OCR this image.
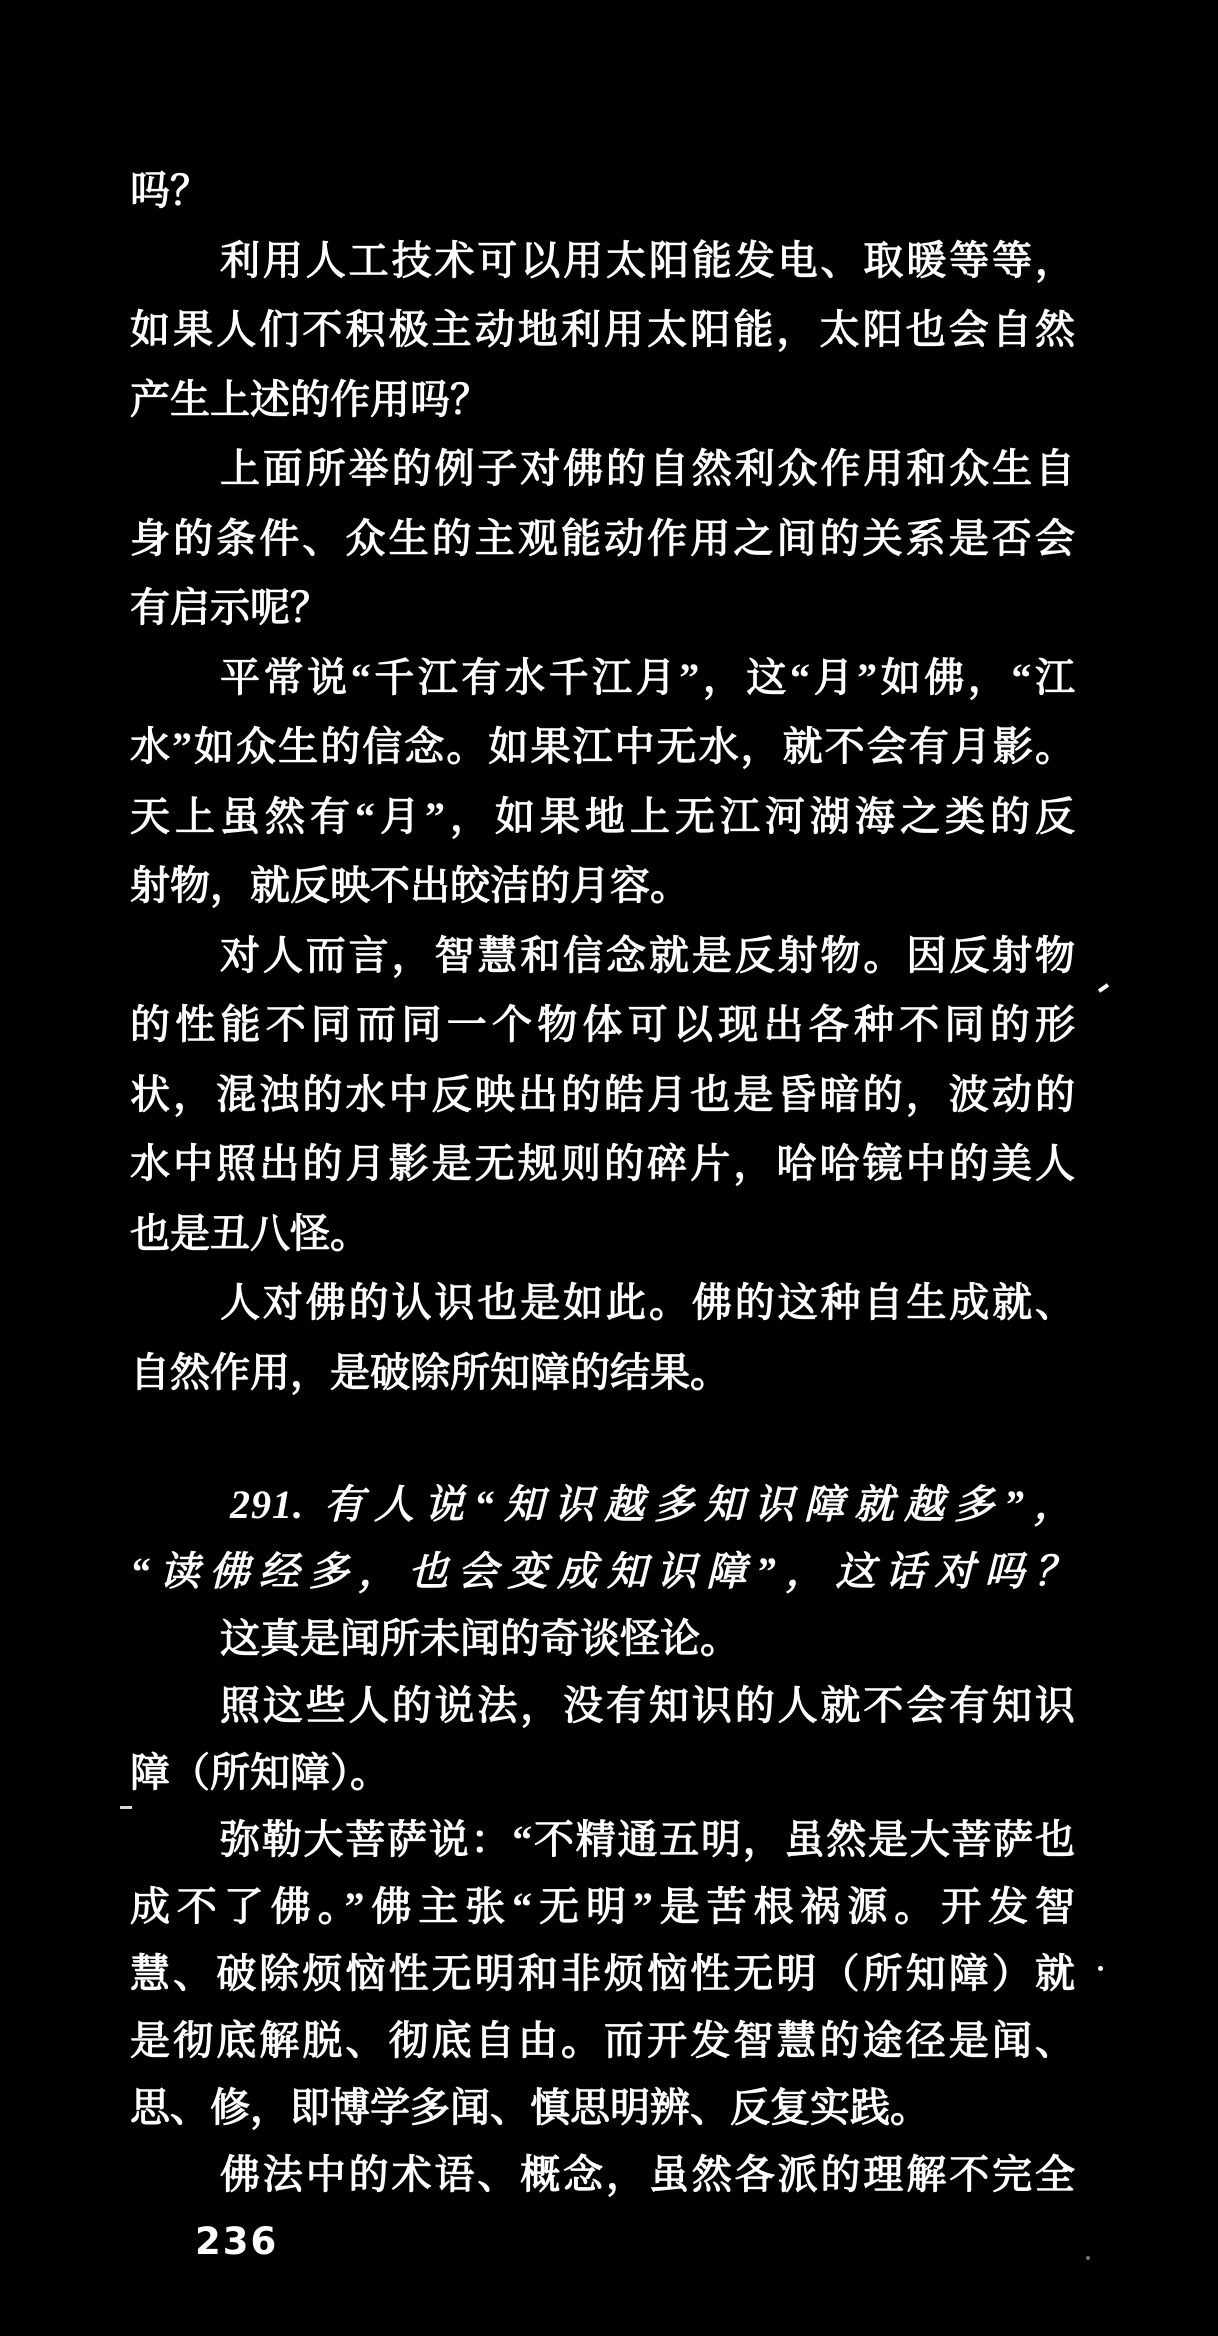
吗？
利用人工技术可以用太阳能发电、取暖等等，
如果人们不积极主动地利用太阳能，太阳也会自然
产生上述的作用吗？
上面所举的例子对佛的自然利众作用和众生自
身的条件、众生的主观能动作用之间的关系是否会
有启示呢？
平常说“千江有水千江月”，这“月”如佛，“江
水”如众生的信念。如果江中无水，就不会有月影。
天上虽然有“月”，如果地上无江河湖海之类的反
射物，就反映不出皎洁的月容。
对人而言，智慧和信念就是反射物。因反射物
的性能不同而同一个物体可以现出各种不同的形
状，混浊的水中反映出的皓月也是昏暗的，波动的
水中照出的月影是无规则的碎片，哈哈镜中的美人
也是丑八怪。
人对佛的认识也是如此。佛的这种自生成就、
自然作用，是破除所知障的结果。
291. 有人说“知识越多知识障就越多”，
“读佛经多，也会变成知识障”，这话对吗？
这真是闻所未闻的奇谈怪论。
照这些人的说法，没有知识的人就不会有知识
障（所知障）。
弥勒大菩萨说：“不精通五明，虽然是大菩萨也
成不了佛。”佛主张“无明”是苦根祸源。开发智
慧、破除烦恼性无明和非烦恼性无明（所知障）就
是彻底解脱、彻底自由。而开发智慧的途径是闻、
思、修，即博学多闻、慎思明辨、反复实践。
佛法中的术语、概念，虽然各派的理解不完全
236
